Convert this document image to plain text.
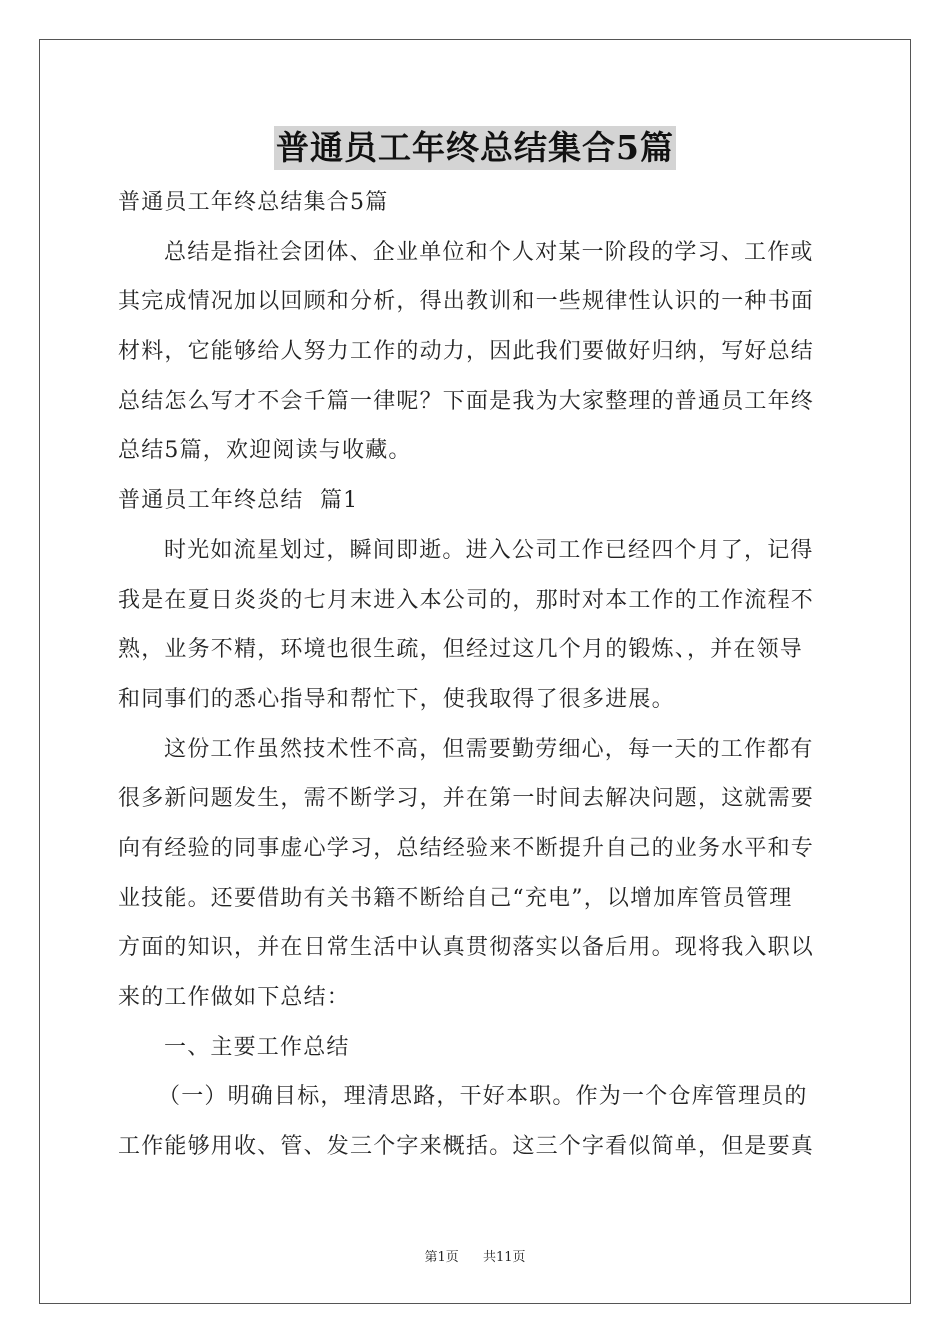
普通员工年终总结集合5篇
普通员工年终总结集合5篇
总结是指社会团体、企业单位和个人对某一阶段的学习、工作或
其完成情况加以回顾和分析，得出教训和一些规律性认识的一种书面
材料，它能够给人努力工作的动力，因此我们要做好归纳，写好总结
总结怎么写才不会千篇一律呢？下面是我为大家整理的普通员工年终
总结5篇，欢迎阅读与收藏。
普通员工年终总结  篇1
时光如流星划过，瞬间即逝。进入公司工作已经四个月了，记得
我是在夏日炎炎的七月末进入本公司的，那时对本工作的工作流程不
熟，业务不精，环境也很生疏，但经过这几个月的锻炼、，并在领导
和同事们的悉心指导和帮忙下，使我取得了很多进展。
这份工作虽然技术性不高，但需要勤劳细心，每一天的工作都有
很多新问题发生，需不断学习，并在第一时间去解决问题，这就需要
向有经验的同事虚心学习，总结经验来不断提升自己的业务水平和专
业技能。还要借助有关书籍不断给自己“充电”，以增加库管员管理
方面的知识，并在日常生活中认真贯彻落实以备后用。现将我入职以
来的工作做如下总结：
一、主要工作总结
（一）明确目标，理清思路，干好本职。作为一个仓库管理员的
工作能够用收、管、发三个字来概括。这三个字看似简单，但是要真
第1页 共11页
